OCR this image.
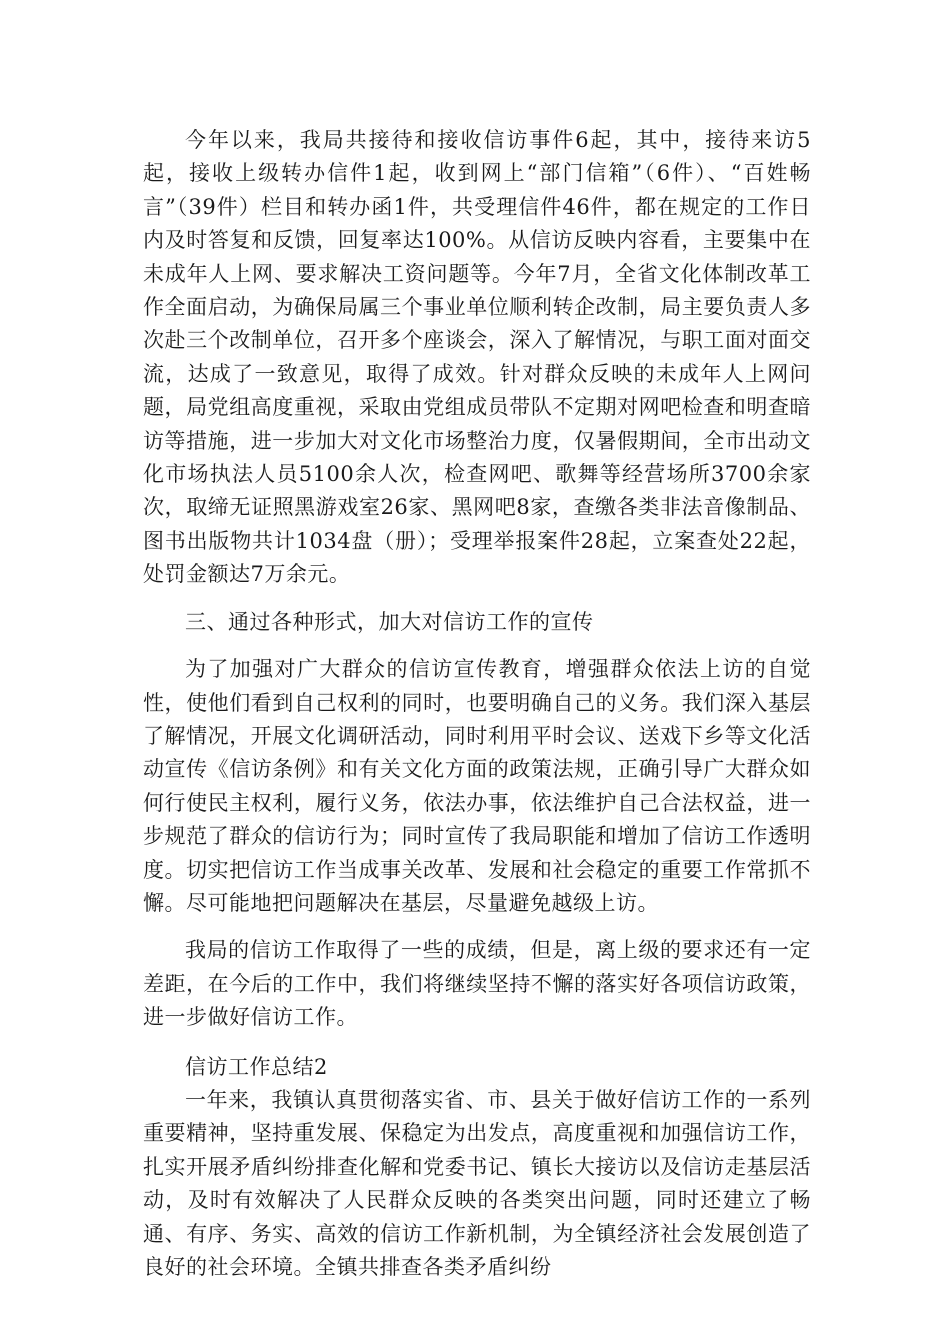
今年以来，我局共接待和接收信访事件6起，其中，接待来访5起，接收上级转办信件1起，收到网上“部门信箱”（6件）、“百姓畅言”（39件）栏目和转办函1件，共受理信件46件，都在规定的工作日内及时答复和反馈，回复率达100%。从信访反映内容看，主要集中在未成年人上网、要求解决工资问题等。今年7月，全省文化体制改革工作全面启动，为确保局属三个事业单位顺利转企改制，局主要负责人多次赴三个改制单位，召开多个座谈会，深入了解情况，与职工面对面交流，达成了一致意见，取得了成效。针对群众反映的未成年人上网问题，局党组高度重视，采取由党组成员带队不定期对网吧检查和明查暗访等措施，进一步加大对文化市场整治力度，仅暑假期间，全市出动文化市场执法人员5100余人次，检查网吧、歌舞等经营场所3700余家次，取缔无证照黑游戏室26家、黑网吧8家，查缴各类非法音像制品、图书出版物共计1034盘（册）；受理举报案件28起，立案查处22起，处罚金额达7万余元。

三、通过各种形式，加大对信访工作的宣传

为了加强对广大群众的信访宣传教育，增强群众依法上访的自觉性，使他们看到自己权利的同时，也要明确自己的义务。我们深入基层了解情况，开展文化调研活动，同时利用平时会议、送戏下乡等文化活动宣传《信访条例》和有关文化方面的政策法规，正确引导广大群众如何行使民主权利，履行义务，依法办事，依法维护自己合法权益，进一步规范了群众的信访行为；同时宣传了我局职能和增加了信访工作透明度。切实把信访工作当成事关改革、发展和社会稳定的重要工作常抓不懈。尽可能地把问题解决在基层，尽量避免越级上访。

我局的信访工作取得了一些的成绩，但是，离上级的要求还有一定差距，在今后的工作中，我们将继续坚持不懈的落实好各项信访政策，进一步做好信访工作。

信访工作总结2

一年来，我镇认真贯彻落实省、市、县关于做好信访工作的一系列重要精神，坚持重发展、保稳定为出发点，高度重视和加强信访工作，扎实开展矛盾纠纷排查化解和党委书记、镇长大接访以及信访走基层活动，及时有效解决了人民群众反映的各类突出问题，同时还建立了畅通、有序、务实、高效的信访工作新机制，为全镇经济社会发展创造了良好的社会环境。全镇共排查各类矛盾纠纷
